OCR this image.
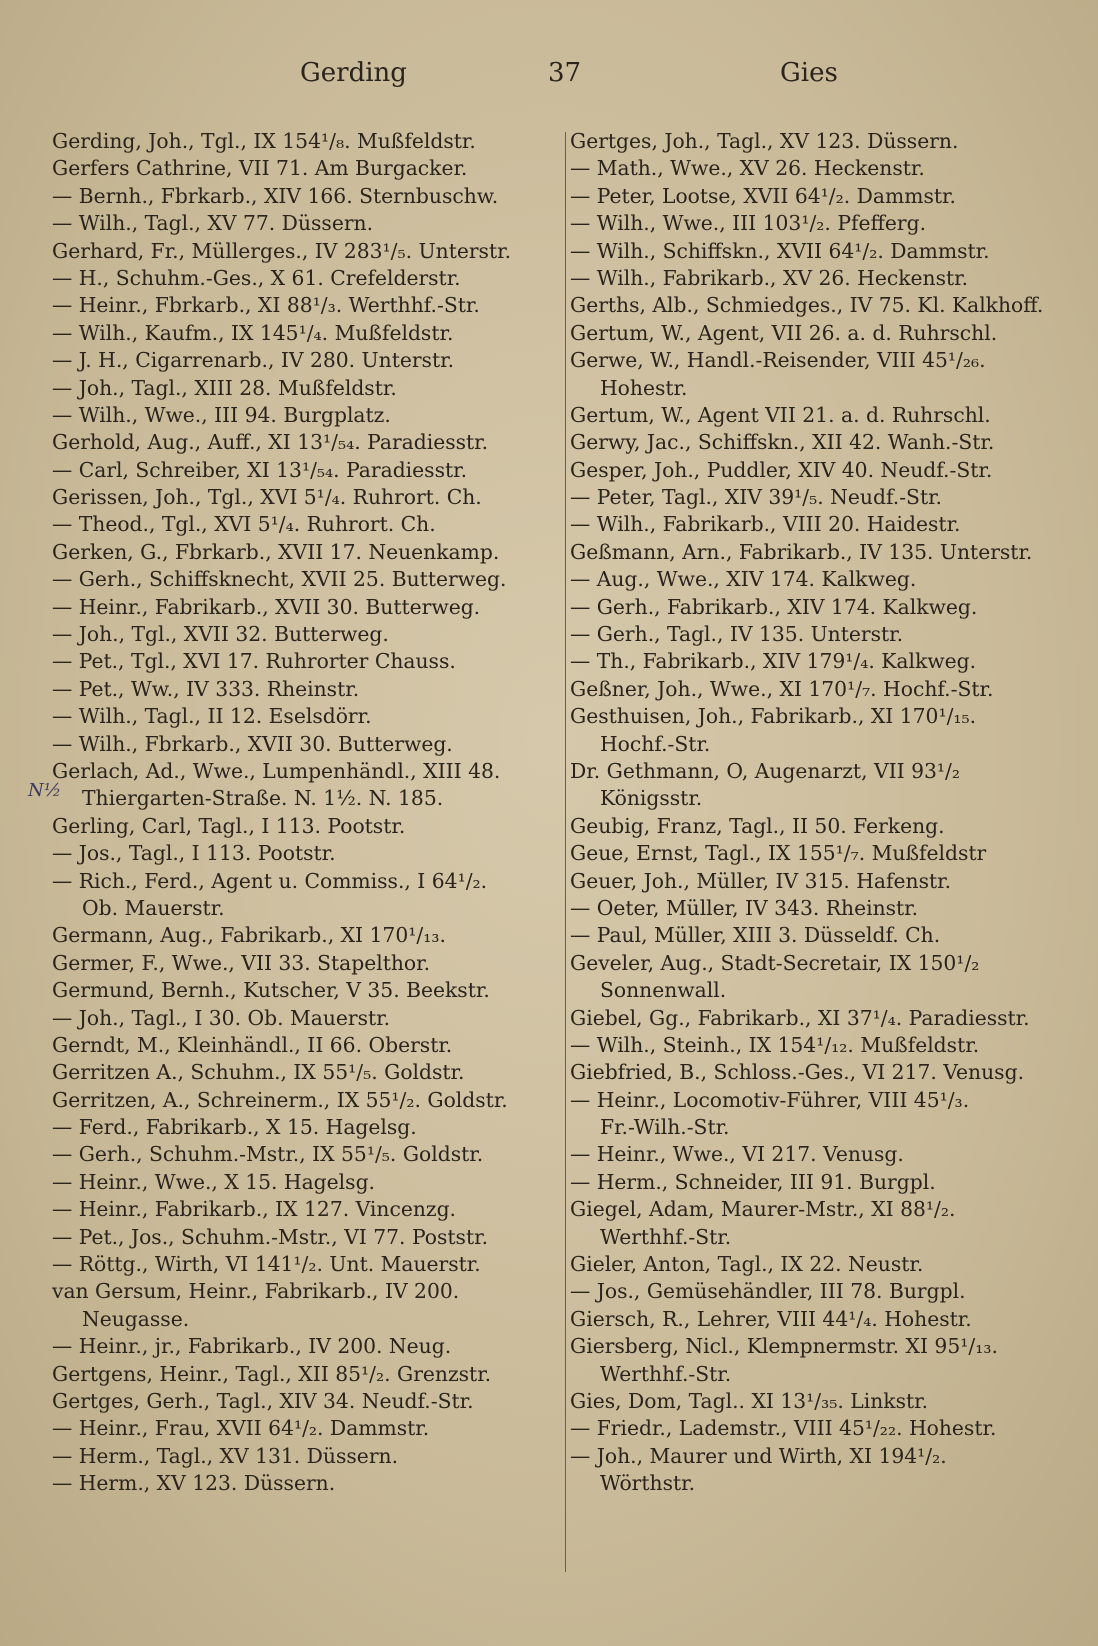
Gerding	37	Gies
N½
Gerding, Joh., Tgl., IX 154¹/₈. Mußfeldstr.
Gerfers Cathrine, VII 71. Am Burgacker.
— Bernh., Fbrkarb., XIV 166. Sternbuschw.
— Wilh., Tagl., XV 77. Düssern.
Gerhard, Fr., Müllerges., IV 283¹/₅. Unterstr.
— H., Schuhm.-Ges., X 61. Crefelderstr.
— Heinr., Fbrkarb., XI 88¹/₃. Werthhf.-Str.
— Wilh., Kaufm., IX 145¹/₄. Mußfeldstr.
— J. H., Cigarrenarb., IV 280. Unterstr.
— Joh., Tagl., XIII 28. Mußfeldstr.
— Wilh., Wwe., III 94. Burgplatz.
Gerhold, Aug., Auff., XI 13¹/₅₄. Paradiesstr.
— Carl, Schreiber, XI 13¹/₅₄. Paradiesstr.
Gerissen, Joh., Tgl., XVI 5¹/₄. Ruhrort. Ch.
— Theod., Tgl., XVI 5¹/₄. Ruhrort. Ch.
Gerken, G., Fbrkarb., XVII 17. Neuenkamp.
— Gerh., Schiffsknecht, XVII 25. Butterweg.
— Heinr., Fabrikarb., XVII 30. Butterweg.
— Joh., Tgl., XVII 32. Butterweg.
— Pet., Tgl., XVI 17. Ruhrorter Chauss.
— Pet., Ww., IV 333. Rheinstr.
— Wilh., Tagl., II 12. Eselsdörr.
— Wilh., Fbrkarb., XVII 30. Butterweg.
Gerlach, Ad., Wwe., Lumpenhändl., XIII 48.
Thiergarten-Straße. N. 1½. N. 185.
Gerling, Carl, Tagl., I 113. Pootstr.
— Jos., Tagl., I 113. Pootstr.
— Rich., Ferd., Agent u. Commiss., I 64¹/₂.
Ob. Mauerstr.
Germann, Aug., Fabrikarb., XI 170¹/₁₃.
Germer, F., Wwe., VII 33. Stapelthor.
Germund, Bernh., Kutscher, V 35. Beekstr.
— Joh., Tagl., I 30. Ob. Mauerstr.
Gerndt, M., Kleinhändl., II 66. Oberstr.
Gerritzen A., Schuhm., IX 55¹/₅. Goldstr.
Gerritzen, A., Schreinerm., IX 55¹/₂. Goldstr.
— Ferd., Fabrikarb., X 15. Hagelsg.
— Gerh., Schuhm.-Mstr., IX 55¹/₅. Goldstr.
— Heinr., Wwe., X 15. Hagelsg.
— Heinr., Fabrikarb., IX 127. Vincenzg.
— Pet., Jos., Schuhm.-Mstr., VI 77. Poststr.
— Röttg., Wirth, VI 141¹/₂. Unt. Mauerstr.
van Gersum, Heinr., Fabrikarb., IV 200.
Neugasse.
— Heinr., jr., Fabrikarb., IV 200. Neug.
Gertgens, Heinr., Tagl., XII 85¹/₂. Grenzstr.
Gertges, Gerh., Tagl., XIV 34. Neudf.-Str.
— Heinr., Frau, XVII 64¹/₂. Dammstr.
— Herm., Tagl., XV 131. Düssern.
— Herm., XV 123. Düssern.
Gertges, Joh., Tagl., XV 123. Düssern.
— Math., Wwe., XV 26. Heckenstr.
— Peter, Lootse, XVII 64¹/₂. Dammstr.
— Wilh., Wwe., III 103¹/₂. Pfefferg.
— Wilh., Schiffskn., XVII 64¹/₂. Dammstr.
— Wilh., Fabrikarb., XV 26. Heckenstr.
Gerths, Alb., Schmiedges., IV 75. Kl. Kalkhoff.
Gertum, W., Agent, VII 26. a. d. Ruhrschl.
Gerwe, W., Handl.-Reisender, VIII 45¹/₂₆.
Hohestr.
Gertum, W., Agent VII 21. a. d. Ruhrschl.
Gerwy, Jac., Schiffskn., XII 42. Wanh.-Str.
Gesper, Joh., Puddler, XIV 40. Neudf.-Str.
— Peter, Tagl., XIV 39¹/₅. Neudf.-Str.
— Wilh., Fabrikarb., VIII 20. Haidestr.
Geßmann, Arn., Fabrikarb., IV 135. Unterstr.
— Aug., Wwe., XIV 174. Kalkweg.
— Gerh., Fabrikarb., XIV 174. Kalkweg.
— Gerh., Tagl., IV 135. Unterstr.
— Th., Fabrikarb., XIV 179¹/₄. Kalkweg.
Geßner, Joh., Wwe., XI 170¹/₇. Hochf.-Str.
Gesthuisen, Joh., Fabrikarb., XI 170¹/₁₅.
Hochf.-Str.
Dr. Gethmann, O, Augenarzt, VII 93¹/₂
Königsstr.
Geubig, Franz, Tagl., II 50. Ferkeng.
Geue, Ernst, Tagl., IX 155¹/₇. Mußfeldstr
Geuer, Joh., Müller, IV 315. Hafenstr.
— Oeter, Müller, IV 343. Rheinstr.
— Paul, Müller, XIII 3. Düsseldf. Ch.
Geveler, Aug., Stadt-Secretair, IX 150¹/₂
Sonnenwall.
Giebel, Gg., Fabrikarb., XI 37¹/₄. Paradiesstr.
— Wilh., Steinh., IX 154¹/₁₂. Mußfeldstr.
Giebfried, B., Schloss.-Ges., VI 217. Venusg.
— Heinr., Locomotiv-Führer, VIII 45¹/₃.
Fr.-Wilh.-Str.
— Heinr., Wwe., VI 217. Venusg.
— Herm., Schneider, III 91. Burgpl.
Giegel, Adam, Maurer-Mstr., XI 88¹/₂.
Werthhf.-Str.
Gieler, Anton, Tagl., IX 22. Neustr.
— Jos., Gemüsehändler, III 78. Burgpl.
Giersch, R., Lehrer, VIII 44¹/₄. Hohestr.
Giersberg, Nicl., Klempnermstr. XI 95¹/₁₃.
Werthhf.-Str.
Gies, Dom, Tagl.. XI 13¹/₃₅. Linkstr.
— Friedr., Lademstr., VIII 45¹/₂₂. Hohestr.
— Joh., Maurer und Wirth, XI 194¹/₂.
Wörthstr.
